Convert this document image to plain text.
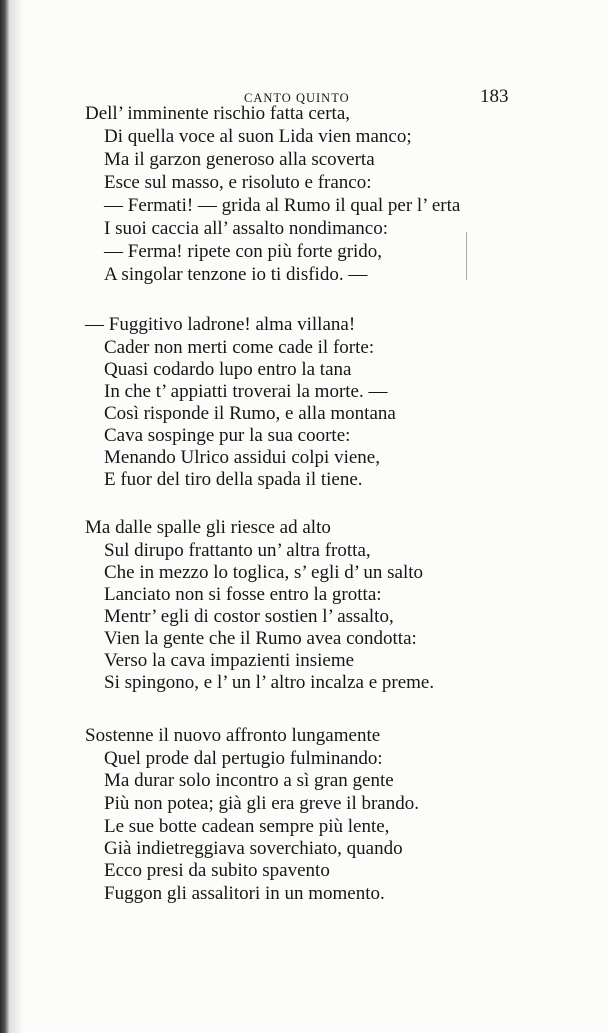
CANTO QUINTO	183
Dell’ imminente rischio fatta certa,
Di quella voce al suon Lida vien manco;
Ma il garzon generoso alla scoverta
Esce sul masso, e risoluto e franco:
— Fermati! — grida al Rumo il qual per l’ erta
I suoi caccia all’ assalto nondimanco:
— Ferma! ripete con più forte grido,
A singolar tenzone io ti disfido. —
— Fuggitivo ladrone! alma villana!
Cader non merti come cade il forte:
Quasi codardo lupo entro la tana
In che t’ appiatti troverai la morte. —
Così risponde il Rumo, e alla montana
Cava sospinge pur la sua coorte:
Menando Ulrico assidui colpi viene,
E fuor del tiro della spada il tiene.
Ma dalle spalle gli riesce ad alto
Sul dirupo frattanto un’ altra frotta,
Che in mezzo lo toglica, s’ egli d’ un salto
Lanciato non si fosse entro la grotta:
Mentr’ egli di costor sostien l’ assalto,
Vien la gente che il Rumo avea condotta:
Verso la cava impazienti insieme
Si spingono, e l’ un l’ altro incalza e preme.
Sostenne il nuovo affronto lungamente
Quel prode dal pertugio fulminando:
Ma durar solo incontro a sì gran gente
Più non potea; già gli era greve il brando.
Le sue botte cadean sempre più lente,
Già indietreggiava soverchiato, quando
Ecco presi da subito spavento
Fuggon gli assalitori in un momento.
